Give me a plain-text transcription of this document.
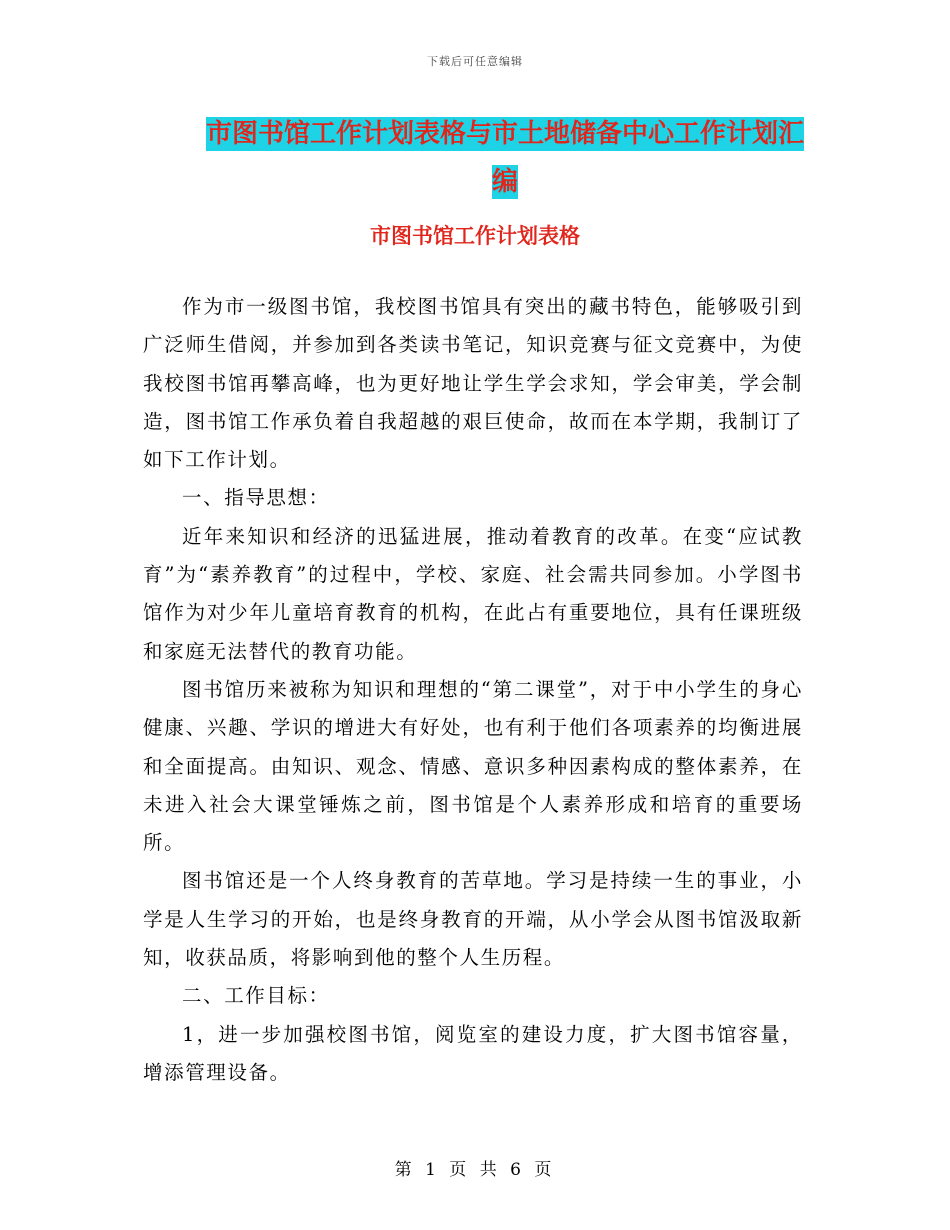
下载后可任意编辑
市图书馆工作计划表格与市土地储备中心工作计划汇
编
市图书馆工作计划表格

作为市一级图书馆，我校图书馆具有突出的藏书特色，能够吸引到广泛师生借阅，并参加到各类读书笔记，知识竞赛与征文竞赛中，为使我校图书馆再攀高峰，也为更好地让学生学会求知，学会审美，学会制造，图书馆工作承负着自我超越的艰巨使命，故而在本学期，我制订了如下工作计划。

一、指导思想：

近年来知识和经济的迅猛进展，推动着教育的改革。在变“应试教育”为“素养教育”的过程中，学校、家庭、社会需共同参加。小学图书馆作为对少年儿童培育教育的机构，在此占有重要地位，具有任课班级和家庭无法替代的教育功能。

图书馆历来被称为知识和理想的“第二课堂”，对于中小学生的身心健康、兴趣、学识的增进大有好处，也有利于他们各项素养的均衡进展和全面提高。由知识、观念、情感、意识多种因素构成的整体素养，在未进入社会大课堂锤炼之前，图书馆是个人素养形成和培育的重要场所。

图书馆还是一个人终身教育的苦草地。学习是持续一生的事业，小学是人生学习的开始，也是终身教育的开端，从小学会从图书馆汲取新知，收获品质，将影响到他的整个人生历程。

二、工作目标：

1，进一步加强校图书馆，阅览室的建设力度，扩大图书馆容量，增添管理设备。

第 1 页 共 6 页
